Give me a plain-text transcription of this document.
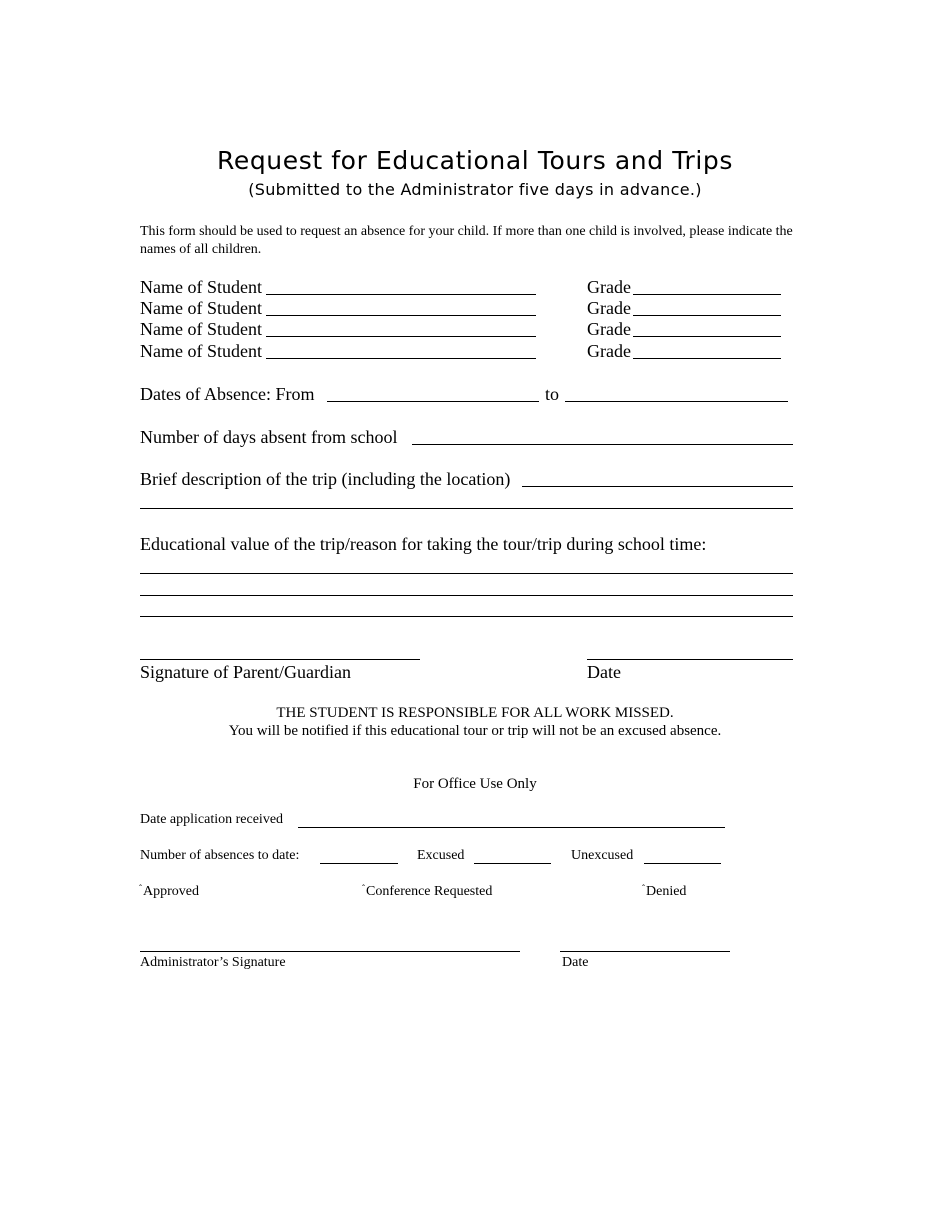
Request for Educational Tours and Trips
(Submitted to the Administrator five days in advance.)
This form should be used to request an absence for your child. If more than one child is involved, please indicate the names of all children.
Name of Student	Grade
Name of Student	Grade
Name of Student	Grade
Name of Student	Grade
Dates of Absence: From	to
Number of days absent from school
Brief description of the trip (including the location)
Educational value of the trip/reason for taking the tour/trip during school time:
Signature of Parent/Guardian	Date
THE STUDENT IS RESPONSIBLE FOR ALL WORK MISSED.
You will be notified if this educational tour or trip will not be an excused absence.
For Office Use Only
Date application received
Number of absences to date:	Excused	Unexcused
$^ˆ$Approved	$^ˆ$Conference Requested	$^ˆ$Denied
Administrator’s Signature	Date
